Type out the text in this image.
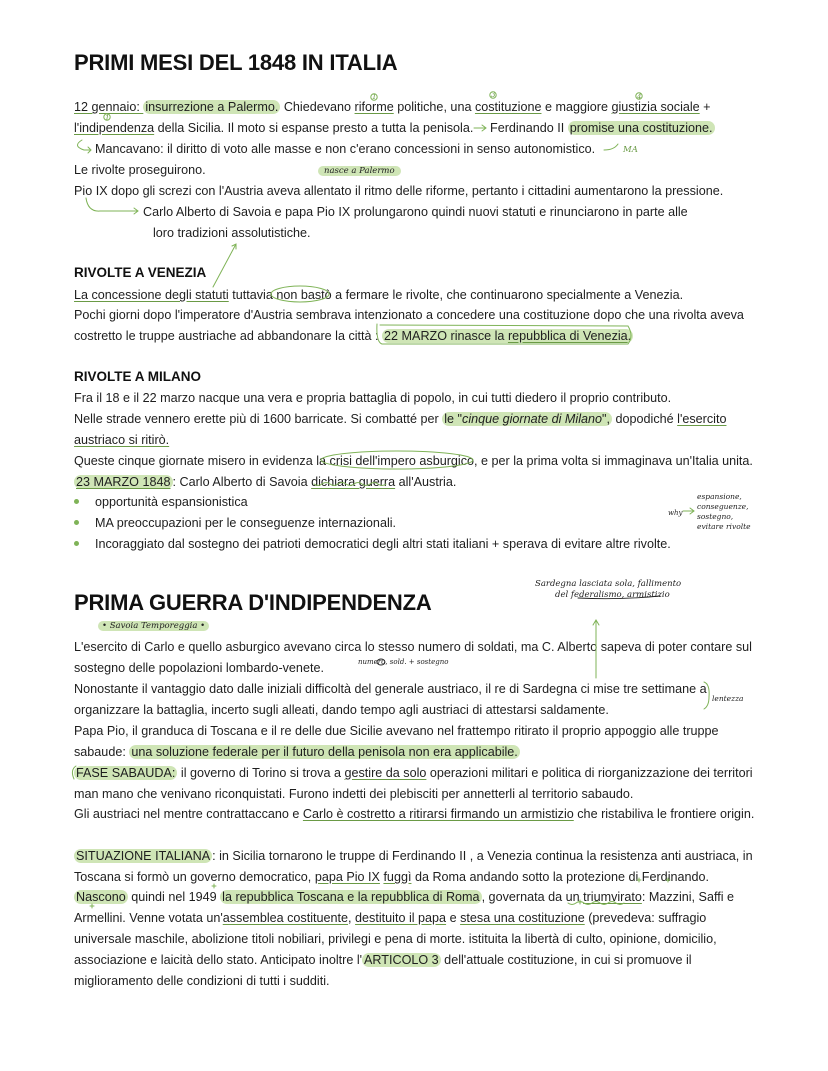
PRIMI MESI DEL 1848 IN ITALIA
12 gennaio: insurrezione a Palermo. Chiedevano riforme politiche, una costituzione e maggiore giustizia sociale +
l'indipendenza della Sicilia. Il moto si espanse presto a tutta la penisola. Ferdinando II promise una costituzione.
Mancavano: il diritto di voto alle masse e non c'erano concessioni in senso autonomistico.
Le rivolte proseguirono.
Pio IX dopo gli screzi con l'Austria aveva allentato il ritmo delle riforme, pertanto i cittadini aumentarono la pressione.
Carlo Alberto di Savoia e papa Pio IX prolungarono quindi nuovi statuti e rinunciarono in parte alle
loro tradizioni assolutistiche.
RIVOLTE A VENEZIA
La concessione degli statuti tuttavia non bastò a fermare le rivolte, che continuarono specialmente a Venezia.
Pochi giorni dopo l'imperatore d'Austria sembrava intenzionato a concedere una costituzione dopo che una rivolta aveva
costretto le truppe austriache ad abbandonare la città : 22 MARZO rinasce la repubblica di Venezia.
RIVOLTE A MILANO
Fra il 18 e il 22 marzo nacque una vera e propria battaglia di popolo, in cui tutti diedero il proprio contributo.
Nelle strade vennero erette più di 1600 barricate. Si combatté per le "cinque giornate di Milano", dopodiché l'esercito
austriaco si ritirò.
Queste cinque giornate misero in evidenza la crisi dell'impero asburgico, e per la prima volta si immaginava un'Italia unita.
23 MARZO 1848 : Carlo Alberto di Savoia dichiara guerra all'Austria.
opportunità espansionistica
MA preoccupazioni per le conseguenze internazionali.
Incoraggiato dal sostegno dei patrioti democratici degli altri stati italiani + sperava di evitare altre rivolte.
PRIMA GUERRA D'INDIPENDENZA
L'esercito di Carlo e quello asburgico avevano circa lo stesso numero di soldati, ma C. Alberto sapeva di poter contare sul
sostegno delle popolazioni lombardo-venete.
Nonostante il vantaggio dato dalle iniziali difficoltà del generale austriaco, il re di Sardegna ci mise tre settimane a
organizzare la battaglia, incerto sugli alleati, dando tempo agli austriaci di attestarsi saldamente.
Papa Pio, il granduca di Toscana e il re delle due Sicilie avevano nel frattempo ritirato il proprio appoggio alle truppe
sabaude: una soluzione federale per il futuro della penisola non era applicabile.
FASE SABAUDA: il governo di Torino si trova a gestire da solo operazioni militari e politica di riorganizzazione dei territori
man mano che venivano riconquistati. Furono indetti dei plebisciti per annetterli al territorio sabaudo.
Gli austriaci nel mentre contrattaccano e Carlo è costretto a ritirarsi firmando un armistizio che ristabiliva le frontiere origin.
SITUAZIONE ITALIANA : in Sicilia tornarono le truppe di Ferdinando II , a Venezia continua la resistenza anti austriaca, in
Toscana si formò un governo democratico, papa Pio IX fuggì da Roma andando sotto la protezione di Ferdinando.
Nascono quindi nel 1949 la repubblica Toscana e la repubblica di Roma , governata da un triumvirato: Mazzini, Saffi e
Armellini. Venne votata un'assemblea costituente, destituito il papa e stesa una costituzione (prevedeva: suffragio
universale maschile, abolizione titoli nobiliari, privilegi e pena di morte. istituita la libertà di culto, opinione, domicilio,
associazione e laicità dello stato. Anticipato inoltre l' ARTICOLO 3 dell'attuale costituzione, in cui si promuove il
miglioramento delle condizioni di tutti i sudditi.
MA
nasce a Palermo
1
1	3	4
why
espansione,
conseguenze,
sostegno,
evitare rivolte
Sardegna lasciata sola, fallimento
del federalismo, armistizio
• Savoia Temporeggia •
numero, sold. + sostegno
lentezza
